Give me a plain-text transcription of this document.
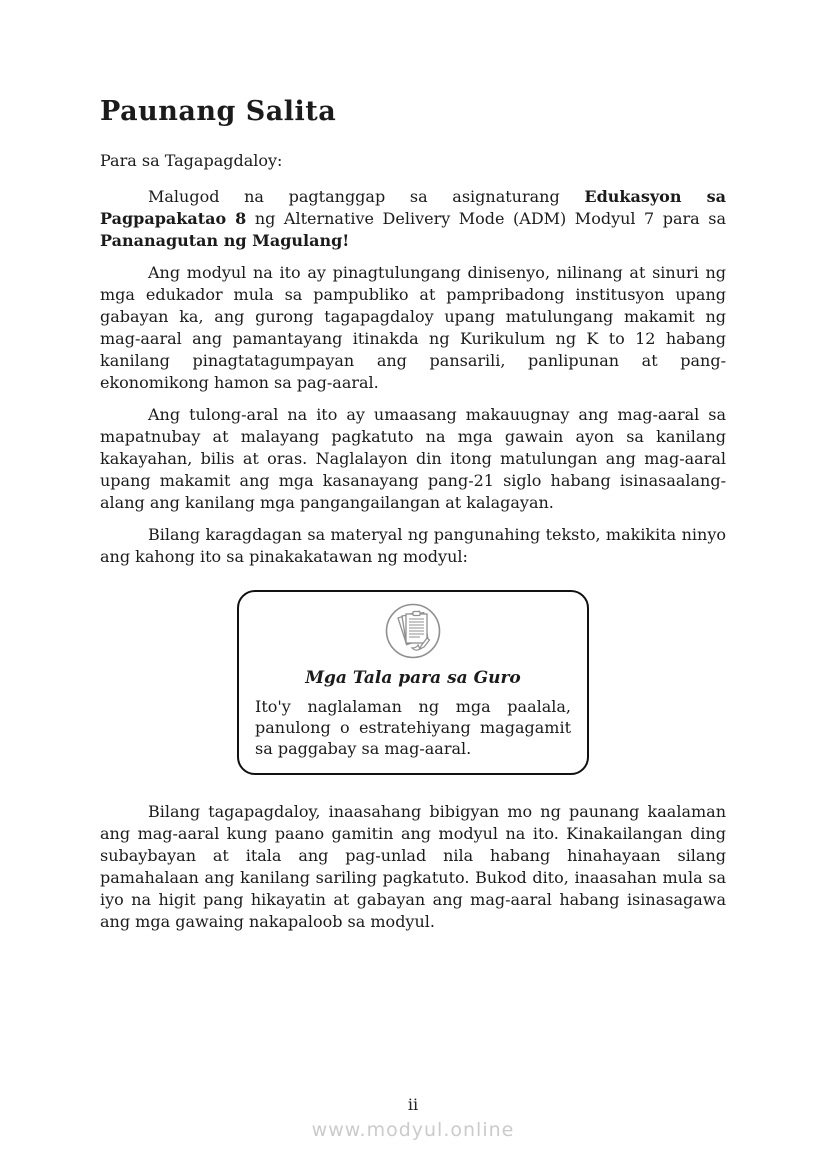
Paunang Salita
Para sa Tagapagdaloy:

Malugod na pagtanggap sa asignaturang Edukasyon sa Pagpapakatao 8 ng Alternative Delivery Mode (ADM) Modyul 7 para sa Pananagutan ng Magulang!

Ang modyul na ito ay pinagtulungang dinisenyo, nilinang at sinuri ng mga edukador mula sa pampubliko at pampribadong institusyon upang gabayan ka, ang gurong tagapagdaloy upang matulungang makamit ng mag-aaral ang pamantayang itinakda ng Kurikulum ng K to 12 habang kanilang pinagtatagumpayan ang pansarili, panlipunan at pang-ekonomikong hamon sa pag-aaral.

Ang tulong-aral na ito ay umaasang makauugnay ang mag-aaral sa mapatnubay at malayang pagkatuto na mga gawain ayon sa kanilang kakayahan, bilis at oras. Naglalayon din itong matulungan ang mag-aaral upang makamit ang mga kasanayang pang-21 siglo habang isinasaalang-alang ang kanilang mga pangangailangan at kalagayan.

Bilang karagdagan sa materyal ng pangunahing teksto, makikita ninyo ang kahong ito sa pinakakatawan ng modyul:

Mga Tala para sa Guro

Ito'y naglalaman ng mga paalala, panulong o estratehiyang magagamit sa paggabay sa mag-aaral.

Bilang tagapagdaloy, inaasahang bibigyan mo ng paunang kaalaman ang mag-aaral kung paano gamitin ang modyul na ito. Kinakailangan ding subaybayan at itala ang pag-unlad nila habang hinahayaan silang pamahalaan ang kanilang sariling pagkatuto. Bukod dito, inaasahan mula sa iyo na higit pang hikayatin at gabayan ang mag-aaral habang isinasagawa ang mga gawaing nakapaloob sa modyul.

ii
www.modyul.online
